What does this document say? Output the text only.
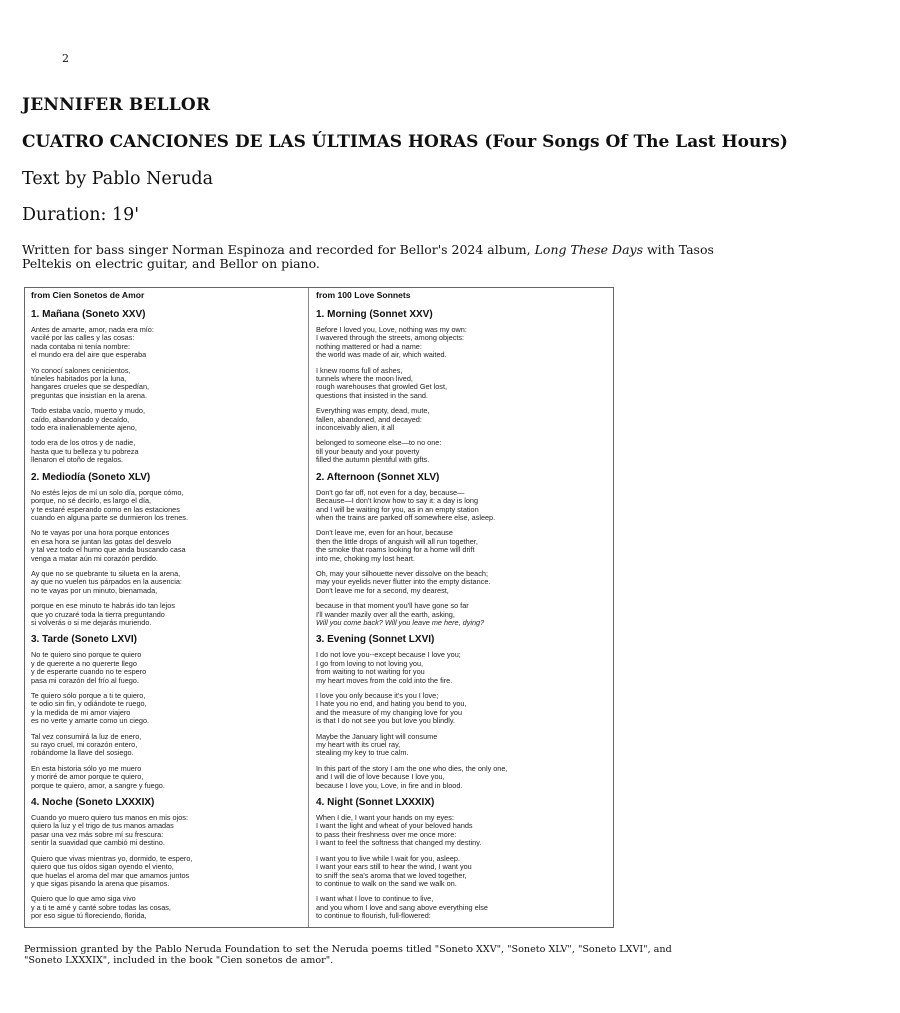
2
JENNIFER BELLOR
CUATRO CANCIONES DE LAS ÚLTIMAS HORAS (Four Songs Of The Last Hours)
Text by Pablo Neruda
Duration: 19'
Written for bass singer Norman Espinoza and recorded for Bellor's 2024 album, Long These Days with Tasos Peltekis on electric guitar, and Bellor on piano.
from Cien Sonetos de Amor
1. Mañana (Soneto XXV)
Antes de amarte, amor, nada era mío:
vacilé por las calles y las cosas:
nada contaba ni tenía nombre:
el mundo era del aire que esperaba
Yo conocí salones cenicientos,
túneles habitados por la luna,
hangares crueles que se despedían,
preguntas que insistían en la arena.
Todo estaba vacío, muerto y mudo,
caído, abandonado y decaído,
todo era inalienablemente ajeno,
todo era de los otros y de nadie,
hasta que tu belleza y tu pobreza
llenaron el otoño de regalos.
2. Mediodía (Soneto XLV)
No estés lejos de mí un solo día, porque cómo,
porque, no sé decirlo, es largo el día,
y te estaré esperando como en las estaciones
cuando en alguna parte se durmieron los trenes.
No te vayas por una hora porque entonces
en esa hora se juntan las gotas del desvelo
y tal vez todo el humo que anda buscando casa
venga a matar aún mi corazón perdido.
Ay que no se quebrante tu silueta en la arena,
ay que no vuelen tus párpados en la ausencia:
no te vayas por un minuto, bienamada,
porque en ese minuto te habrás ido tan lejos
que yo cruzaré toda la tierra preguntando
si volverás o si me dejarás muriendo.
3. Tarde (Soneto LXVI)
No te quiero sino porque te quiero
y de quererte a no quererte llego
y de esperarte cuando no te espero
pasa mi corazón del frío al fuego.
Te quiero sólo porque a ti te quiero,
te odio sin fin, y odiándote te ruego,
y la medida de mi amor viajero
es no verte y amarte como un ciego.
Tal vez consumirá la luz de enero,
su rayo cruel, mi corazón entero,
robándome la llave del sosiego.
En esta historia sólo yo me muero
y moriré de amor porque te quiero,
porque te quiero, amor, a sangre y fuego.
4. Noche (Soneto LXXXIX)
Cuando yo muero quiero tus manos en mis ojos:
quiero la luz y el trigo de tus manos amadas
pasar una vez más sobre mí su frescura:
sentir la suavidad que cambió mi destino.
Quiero que vivas mientras yo, dormido, te espero,
quiero que tus oídos sigan oyendo el viento,
que huelas el aroma del mar que amamos juntos
y que sigas pisando la arena que pisamos.
Quiero que lo que amo siga vivo
y a ti te amé y canté sobre todas las cosas,
por eso sigue tú floreciendo, florida,
from 100 Love Sonnets
1. Morning (Sonnet XXV)
Before I loved you, Love, nothing was my own:
I wavered through the streets, among objects:
nothing mattered or had a name:
the world was made of air, which waited.
I knew rooms full of ashes,
tunnels where the moon lived,
rough warehouses that growled Get lost,
questions that insisted in the sand.
Everything was empty, dead, mute,
fallen, abandoned, and decayed:
inconceivably alien, it all
belonged to someone else—to no one:
till your beauty and your poverty
filled the autumn plentiful with gifts.
2. Afternoon (Sonnet XLV)
Don't go far off, not even for a day, because—
Because—I don't know how to say it: a day is long
and I will be waiting for you, as in an empty station
when the trains are parked off somewhere else, asleep.
Don't leave me, even for an hour, because
then the little drops of anguish will all run together,
the smoke that roams looking for a home will drift
into me, choking my lost heart.
Oh, may your silhouette never dissolve on the beach;
may your eyelids never flutter into the empty distance.
Don't leave me for a second, my dearest,
because in that moment you'll have gone so far
I'll wander mazily over all the earth, asking,
Will you come back? Will you leave me here, dying?
3. Evening (Sonnet LXVI)
I do not love you--except because I love you;
I go from loving to not loving you,
from waiting to not waiting for you
my heart moves from the cold into the fire.
I love you only because it's you I love;
I hate you no end, and hating you bend to you,
and the measure of my changing love for you
is that I do not see you but love you blindly.
Maybe the January light will consume
my heart with its cruel ray,
stealing my key to true calm.
In this part of the story I am the one who dies, the only one,
and I will die of love because I love you,
because I love you, Love, in fire and in blood.
4. Night (Sonnet LXXXIX)
When I die, I want your hands on my eyes:
I want the light and wheat of your beloved hands
to pass their freshness over me once more:
I want to feel the softness that changed my destiny.
I want you to live while I wait for you, asleep.
I want your ears still to hear the wind, I want you
to sniff the sea's aroma that we loved together,
to continue to walk on the sand we walk on.
I want what I love to continue to live,
and you whom I love and sang above everything else
to continue to flourish, full-flowered:
Permission granted by the Pablo Neruda Foundation to set the Neruda poems titled "Soneto XXV", "Soneto XLV", "Soneto LXVI", and "Soneto LXXXIX", included in the book "Cien sonetos de amor".
